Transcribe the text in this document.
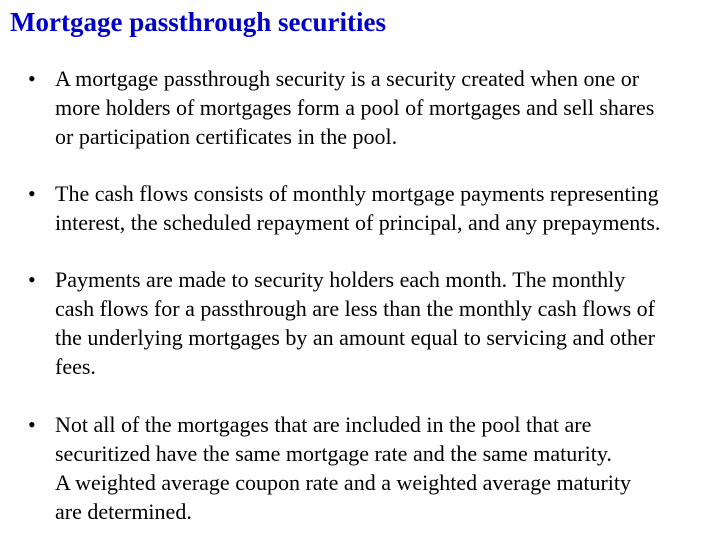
Mortgage passthrough securities
• A mortgage passthrough security is a security created when one or
more holders of mortgages form a pool of mortgages and sell shares
or participation certificates in the pool.
• The cash flows consists of monthly mortgage payments representing
interest, the scheduled repayment of principal, and any prepayments.
• Payments are made to security holders each month. The monthly
cash flows for a passthrough are less than the monthly cash flows of
the underlying mortgages by an amount equal to servicing and other
fees.
• Not all of the mortgages that are included in the pool that are
securitized have the same mortgage rate and the same maturity.
A weighted average coupon rate and a weighted average maturity
are determined.
